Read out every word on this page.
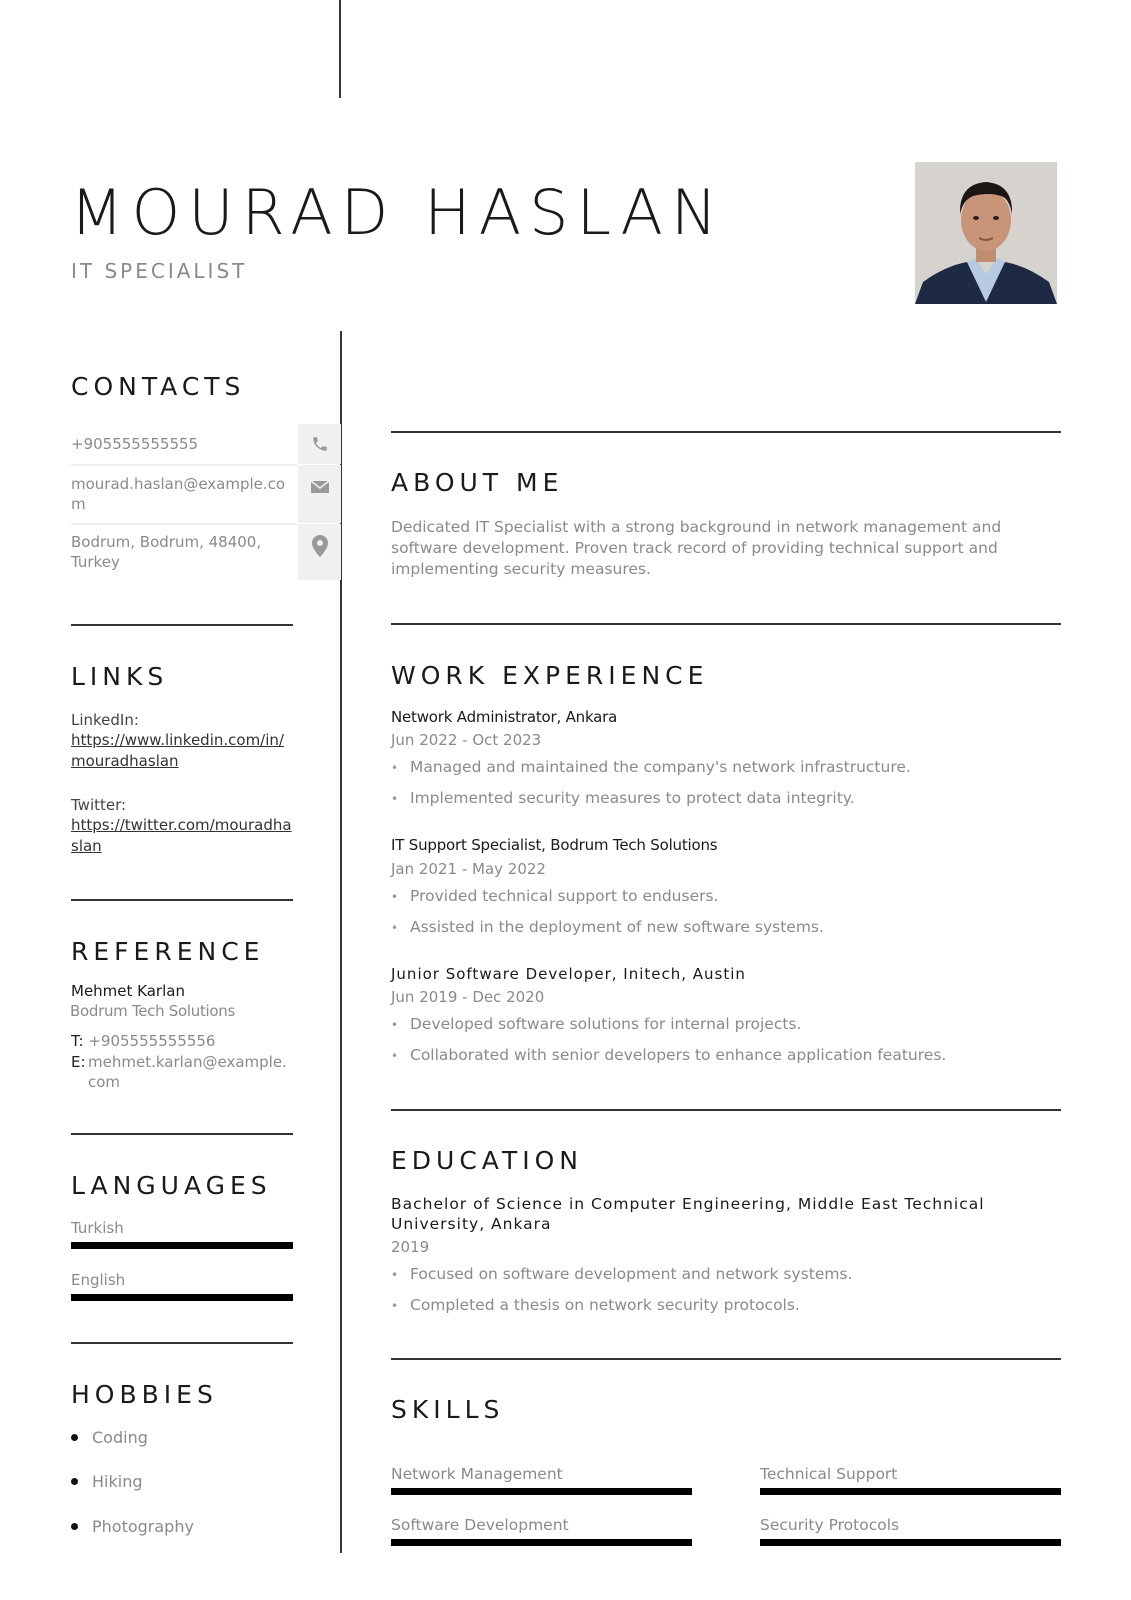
MOURAD HASLAN
IT SPECIALIST
CONTACTS
+905555555555
mourad.haslan@example.com
Bodrum, Bodrum, 48400, Turkey
LINKS
LinkedIn:
https://www.linkedin.com/in/mouradhaslan
Twitter:
https://twitter.com/mouradhaslan
REFERENCE
Mehmet Karlan
Bodrum Tech Solutions
T: +905555555556
E: mehmet.karlan@example.com
LANGUAGES
Turkish
English
HOBBIES
Coding
Hiking
Photography
ABOUT ME
Dedicated IT Specialist with a strong background in network management and software development. Proven track record of providing technical support and implementing security measures.
WORK EXPERIENCE
Network Administrator, Ankara
Jun 2022 - Oct 2023
• Managed and maintained the company's network infrastructure.
• Implemented security measures to protect data integrity.
IT Support Specialist, Bodrum Tech Solutions
Jan 2021 - May 2022
• Provided technical support to endusers.
• Assisted in the deployment of new software systems.
Junior Software Developer, Initech, Austin
Jun 2019 - Dec 2020
• Developed software solutions for internal projects.
• Collaborated with senior developers to enhance application features.
EDUCATION
Bachelor of Science in Computer Engineering, Middle East Technical University, Ankara
2019
• Focused on software development and network systems.
• Completed a thesis on network security protocols.
SKILLS
Network Management	Technical Support
Software Development	Security Protocols
